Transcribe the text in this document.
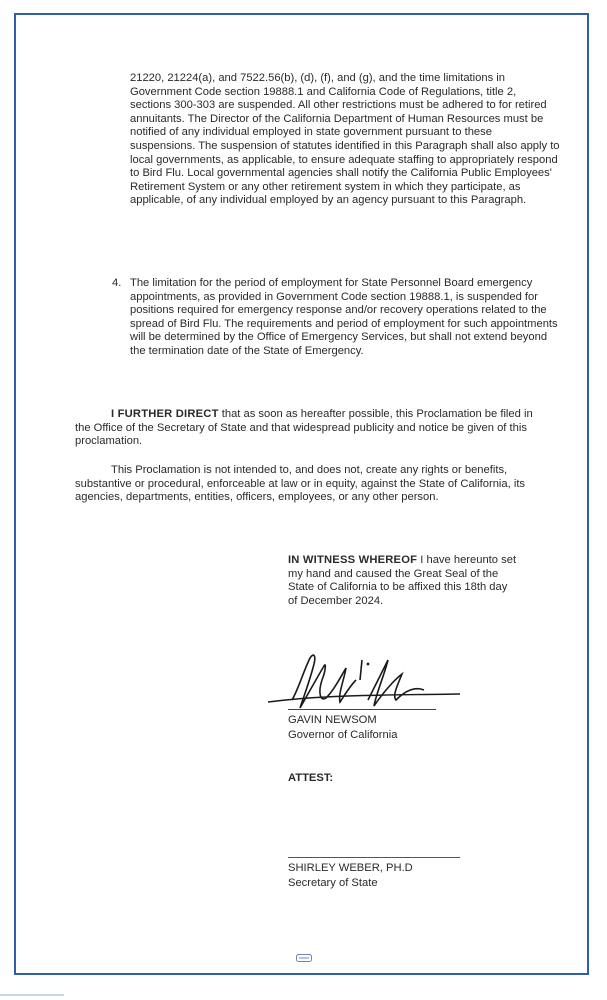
21220, 21224(a), and 7522.56(b), (d), (f), and (g), and the time limitations in Government Code section 19888.1 and California Code of Regulations, title 2, sections 300-303 are suspended. All other restrictions must be adhered to for retired annuitants. The Director of the California Department of Human Resources must be notified of any individual employed in state government pursuant to these suspensions. The suspension of statutes identified in this Paragraph shall also apply to local governments, as applicable, to ensure adequate staffing to appropriately respond to Bird Flu. Local governmental agencies shall notify the California Public Employees' Retirement System or any other retirement system in which they participate, as applicable, of any individual employed by an agency pursuant to this Paragraph.

4. The limitation for the period of employment for State Personnel Board emergency appointments, as provided in Government Code section 19888.1, is suspended for positions required for emergency response and/or recovery operations related to the spread of Bird Flu. The requirements and period of employment for such appointments will be determined by the Office of Emergency Services, but shall not extend beyond the termination date of the State of Emergency.

I FURTHER DIRECT that as soon as hereafter possible, this Proclamation be filed in the Office of the Secretary of State and that widespread publicity and notice be given of this proclamation.

This Proclamation is not intended to, and does not, create any rights or benefits, substantive or procedural, enforceable at law or in equity, against the State of California, its agencies, departments, entities, officers, employees, or any other person.

IN WITNESS WHEREOF I have hereunto set my hand and caused the Great Seal of the State of California to be affixed this 18th day of December 2024.

GAVIN NEWSOM
Governor of California
ATTEST:
SHIRLEY WEBER, PH.D
Secretary of State
